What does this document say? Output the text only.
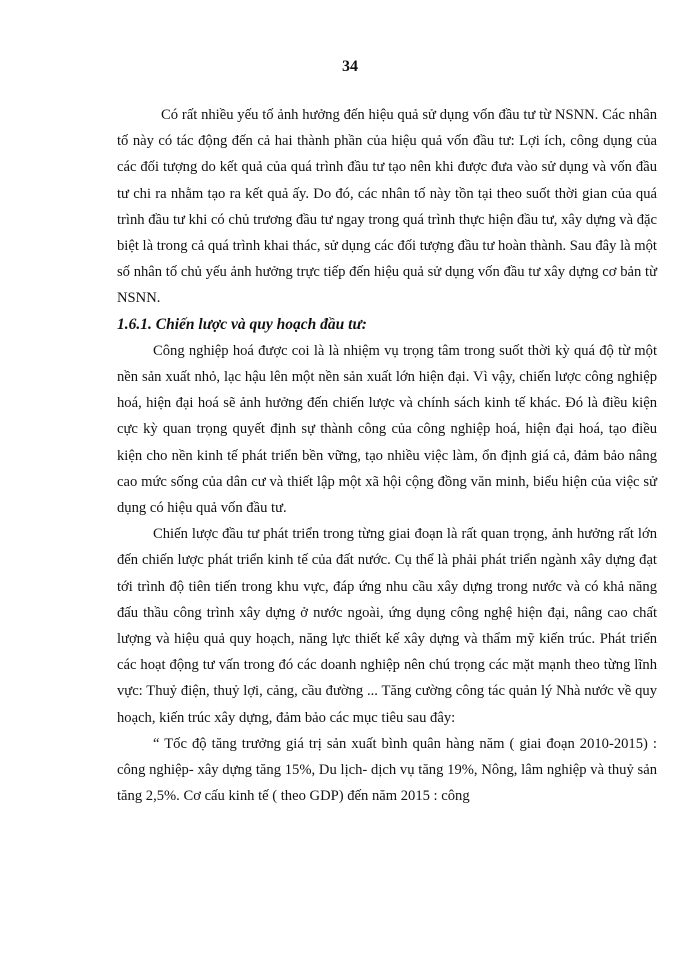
34

Có rất nhiều yếu tố ảnh hưởng đến hiệu quả sử dụng vốn đầu tư từ NSNN. Các nhân tố này có tác động đến cả hai thành phần của hiệu quả vốn đầu tư: Lợi ích, công dụng của các đối tượng do kết quả của quá trình đầu tư tạo nên khi được đưa vào sử dụng và vốn đầu tư chi ra nhằm tạo ra kết quả ấy. Do đó, các nhân tố này tồn tại theo suốt thời gian của quá trình đầu tư khi có chủ trương đầu tư ngay trong quá trình thực hiện đầu tư, xây dựng và đặc biệt là trong cả quá trình khai thác, sử dụng các đối tượng đầu tư hoàn thành. Sau đây là một số nhân tố chủ yếu ảnh hưởng trực tiếp đến hiệu quả sử dụng vốn đầu tư xây dựng cơ bản từ NSNN.

1.6.1. Chiến lược và quy hoạch đầu tư:

Công nghiệp hoá được coi là là nhiệm vụ trọng tâm trong suốt thời kỳ quá độ từ một nền sản xuất nhỏ, lạc hậu lên một nền sản xuất lớn hiện đại. Vì vậy, chiến lược công nghiệp hoá, hiện đại hoá sẽ ảnh hưởng đến chiến lược và chính sách kinh tế khác. Đó là điều kiện cực kỳ quan trọng quyết định sự thành công của công nghiệp hoá, hiện đại hoá, tạo điều kiện cho nền kinh tế phát triển bền vững, tạo nhiều việc làm, ổn định giá cả, đảm bảo nâng cao mức sống của dân cư và thiết lập một xã hội cộng đồng văn minh, biểu hiện của việc sử dụng có hiệu quả vốn đầu tư.

Chiến lược đầu tư phát triển trong từng giai đoạn là rất quan trọng, ảnh hưởng rất lớn đến chiến lược phát triển kinh tế của đất nước. Cụ thể là phải phát triển ngành xây dựng đạt tới trình độ tiên tiến trong khu vực, đáp ứng nhu cầu xây dựng trong nước và có khả năng đấu thầu công trình xây dựng ở nước ngoài, ứng dụng công nghệ hiện đại, nâng cao chất lượng và hiệu quả quy hoạch, năng lực thiết kế xây dựng và thẩm mỹ kiến trúc. Phát triển các hoạt động tư vấn trong đó các doanh nghiệp nên chú trọng các mặt mạnh theo từng lĩnh vực: Thuỷ điện, thuỷ lợi, cảng, cầu đường ... Tăng cường công tác quản lý Nhà nước về quy hoạch, kiến trúc xây dựng, đảm bảo các mục tiêu sau đây:

“ Tốc độ tăng trưởng giá trị sản xuất bình quân hàng năm ( giai đoạn 2010-2015) : công nghiệp- xây dựng tăng 15%, Du lịch- dịch vụ tăng 19%, Nông, lâm nghiệp và thuỷ sản tăng 2,5%. Cơ cấu kinh tế ( theo GDP) đến năm 2015 : công
